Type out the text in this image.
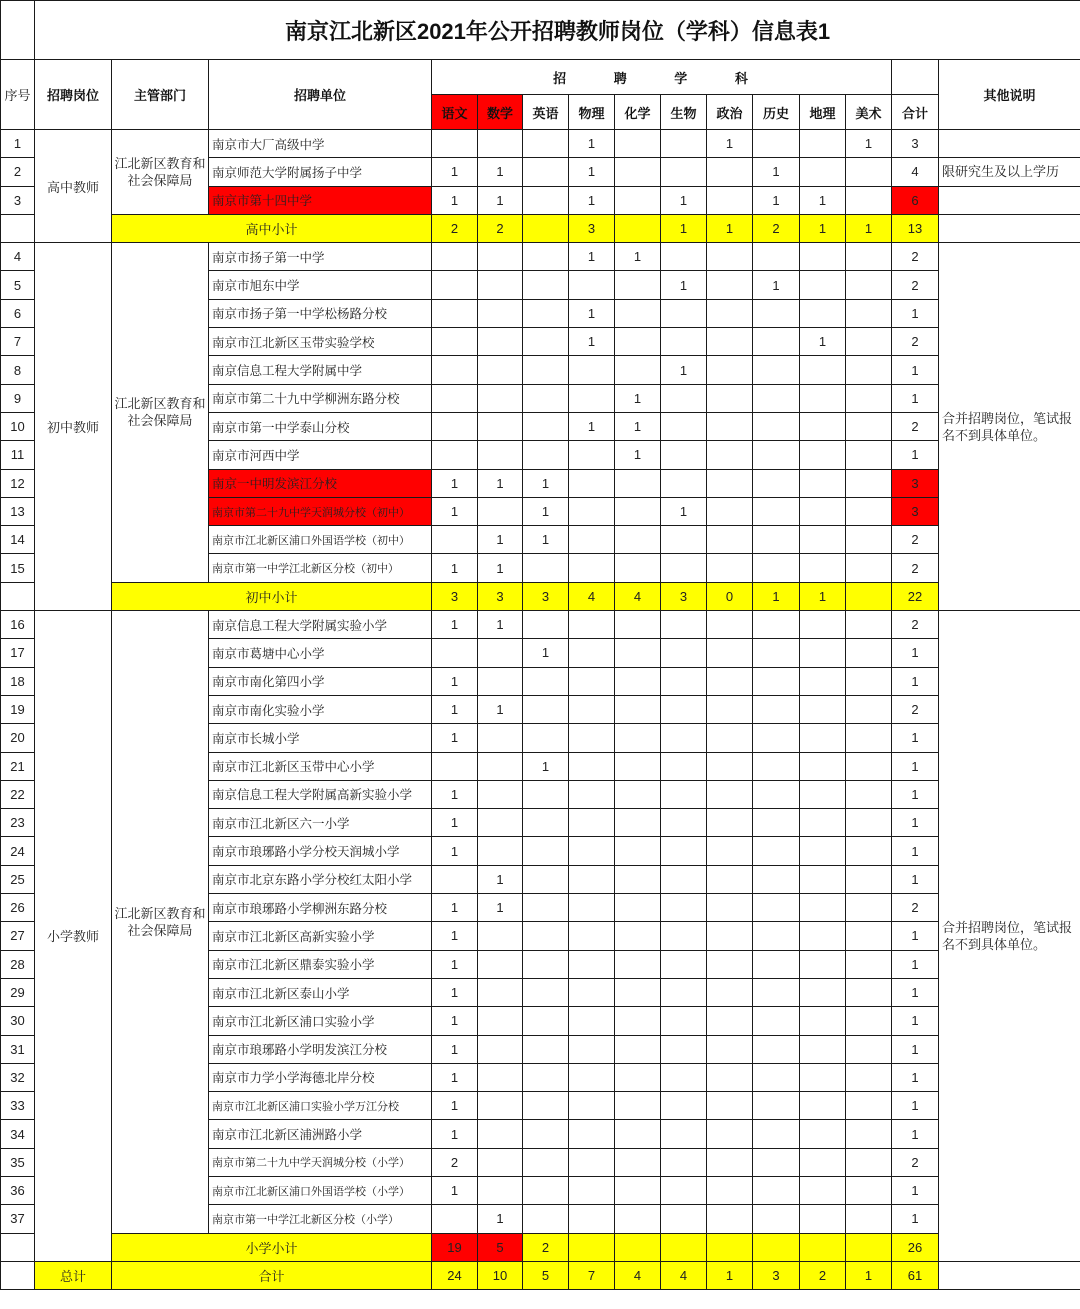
	南京江北新区2021年公开招聘教师岗位（学科）信息表1														
序号	招聘岗位	主管部门	招聘单位	招 聘 学 科											其他说明
				语文	数学	英语	物理	化学	生物	政治	历史	地理	美术	合计	
1	高中教师	江北新区教育和社会保障局	南京市大厂高级中学				1			1			1	3	
2			南京师范大学附属扬子中学	1	1		1				1			4	限研究生及以上学历
3			南京市第十四中学	1	1		1		1		1	1		6	
		高中小计		2	2		3		1	1	2	1	1	13	
4	初中教师	江北新区教育和社会保障局	南京市扬子第一中学				1	1						2	合并招聘岗位，笔试报名不到具体单位。
5			南京市旭东中学						1		1			2	
6			南京市扬子第一中学松杨路分校				1							1	
7			南京市江北新区玉带实验学校				1					1		2	
8			南京信息工程大学附属中学						1					1	
9			南京市第二十九中学柳洲东路分校					1						1	
10			南京市第一中学泰山分校				1	1						2	
11			南京市河西中学					1						1	
12			南京一中明发滨江分校	1	1	1								3	
13			南京市第二十九中学天润城分校（初中）	1		1			1					3	
14			南京市江北新区浦口外国语学校（初中）		1	1								2	
15			南京市第一中学江北新区分校（初中）	1	1									2	
		初中小计		3	3	3	4	4	3	0	1	1		22	
16	小学教师	江北新区教育和社会保障局	南京信息工程大学附属实验小学	1	1									2	合并招聘岗位，笔试报名不到具体单位。
17			南京市葛塘中心小学			1								1	
18			南京市南化第四小学	1										1	
19			南京市南化实验小学	1	1									2	
20			南京市长城小学	1										1	
21			南京市江北新区玉带中心小学			1								1	
22			南京信息工程大学附属高新实验小学	1										1	
23			南京市江北新区六一小学	1										1	
24			南京市琅琊路小学分校天润城小学	1										1	
25			南京市北京东路小学分校红太阳小学		1									1	
26			南京市琅琊路小学柳洲东路分校	1	1									2	
27			南京市江北新区高新实验小学	1										1	
28			南京市江北新区鼎泰实验小学	1										1	
29			南京市江北新区泰山小学	1										1	
30			南京市江北新区浦口实验小学	1										1	
31			南京市琅琊路小学明发滨江分校	1										1	
32			南京市力学小学海德北岸分校	1										1	
33			南京市江北新区浦口实验小学万江分校	1										1	
34			南京市江北新区浦洲路小学	1										1	
35			南京市第二十九中学天润城分校（小学）	2										2	
36			南京市江北新区浦口外国语学校（小学）	1										1	
37			南京市第一中学江北新区分校（小学）		1									1	
		小学小计		19	5	2								26	
	总计	合计		24	10	5	7	4	4	1	3	2	1	61	
